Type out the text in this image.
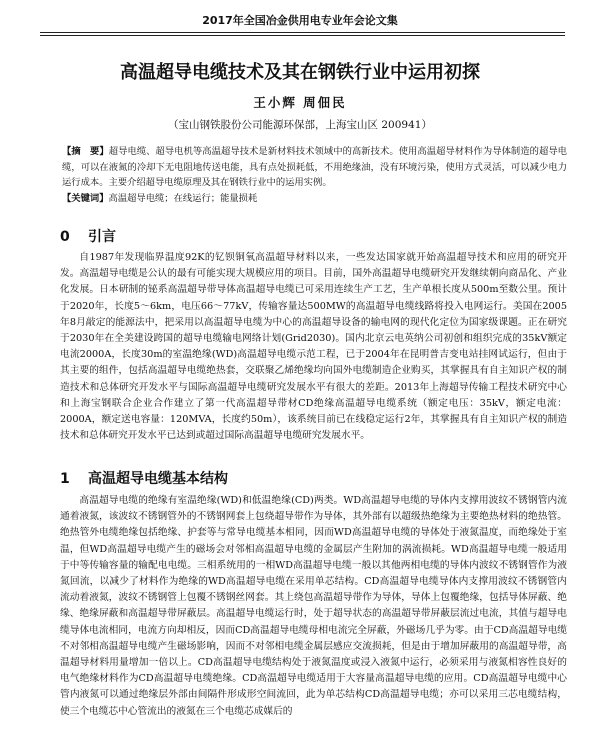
2017年全国冶金供用电专业年会论文集
高温超导电缆技术及其在钢铁行业中运用初探
王小辉 周佃民
（宝山钢铁股份公司能源环保部，上海宝山区 200941）
【摘　要】超导电缆、超导电机等高温超导技术是新材料技术领域中的高新技术。使用高温超导材料作为导体制造的超导电缆，可以在液氮的冷却下无电阻地传送电能，具有点处损耗低，不用绝缘油，没有环境污染，使用方式灵活，可以减少电力运行成本。主要介绍超导电缆原理及其在钢铁行业中的运用实例。
【关键词】高温超导电缆；在线运行；能量损耗
0 引言

自1987年发现临界温度92K的钇钡铜氧高温超导材料以来，一些发达国家就开始高温超导技术和应用的研究开发。高温超导电缆是公认的最有可能实现大规模应用的项目。目前，国外高温超导电缆研究开发继续朝向商品化、产业化发展。日本研制的铋系高温超导带导体高温超导电缆已可采用连续生产工艺，生产单根长度从500m至数公里。预计于2020年，长度5～6km，电压66～77kV，传输容量达500MW的高温超导电缆线路将投入电网运行。美国在2005年8月敲定的能源法中，把采用以高温超导电缆为中心的高温超导设备的输电网的现代化定位为国家级课题。正在研究于2030年在全美建设跨国的超导电缆输电网络计划(Grid2030)。国内北京云电英纳公司初创和组织完成的35kV额定电流2000A，长度30m的室温绝缘(WD)高温超导电缆示范工程，已于2004年在昆明普吉变电站挂网试运行，但由于其主要的组件，包括高温超导电缆绝热套，交联聚乙烯绝缘均向国外电缆制造企业购买，其掌握具有自主知识产权的制造技术和总体研究开发水平与国际高温超导电缆研究发展水平有很大的差距。2013年上海超导传输工程技术研究中心和上海宝钢联合企业合作建立了第一代高温超导带材CD绝缘高温超导电缆系统（额定电压：35kV，额定电流：2000A，额定送电容量：120MVA，长度约50m），该系统目前已在线稳定运行2年，其掌握具有自主知识产权的制造技术和总体研究开发水平已达到或超过国际高温超导电缆研究发展水平。

1 高温超导电缆基本结构

高温超导电缆的绝缘有室温绝缘(WD)和低温绝缘(CD)两类。WD高温超导电缆的导体内支撑用波纹不锈钢管内流通着液氮，该波纹不锈钢管外的不锈钢网套上包绕超导带作为导体，其外部有以超级热绝缘为主要绝热材料的绝热管。绝热管外电缆绝缘包括绝缘、护套等与常导电缆基本相同，因而WD高温超导电缆的导体处于液氮温度，而绝缘处于室温，但WD高温超导电缆产生的磁场会对邻相高温超导电缆的金属层产生附加的涡流损耗。WD高温超导电缆一般适用于中等传输容量的输配电电缆。三相系统用的一相WD高温超导电缆一般以其他两相电缆的导体内波纹不锈钢管作为液氮回流，以减少了材料作为绝缘的WD高温超导电缆在采用单芯结构。CD高温超导电缆导体内支撑用波纹不锈钢管内流动着液氮，波纹不锈钢管上包覆不锈钢丝网套。其上绕包高温超导带作为导体，导体上包覆绝缘，包括导体屏蔽、绝缘、绝缘屏蔽和高温超导带屏蔽层。高温超导电缆运行时，处于超导状态的高温超导带屏蔽层流过电流，其值与超导电缆导体电流相同，电流方向却相反，因而CD高温超导电缆母相电流完全屏蔽，外磁场几乎为零。由于CD高温超导电缆不对邻相高温超导电缆产生磁场影响，因而不对邻相电缆金属层感应交流损耗，但是由于增加屏蔽用的高温超导带，高温超导材料用量增加一倍以上。CD高温超导电缆结构处于液氮温度或浸入液氮中运行，必须采用与液氮相容性良好的电气绝缘材料作为CD高温超导电缆绝缘。CD高温超导电缆适用于大容量高温超导电缆的应用。CD高温超导电缆中心管内液氮可以通过绝缘层外部由间隔件形成形空间流回，此为单芯结构CD高温超导电缆；亦可以采用三芯电缆结构，使三个电缆芯中心管流出的液氮在三个电缆芯成媒后的
